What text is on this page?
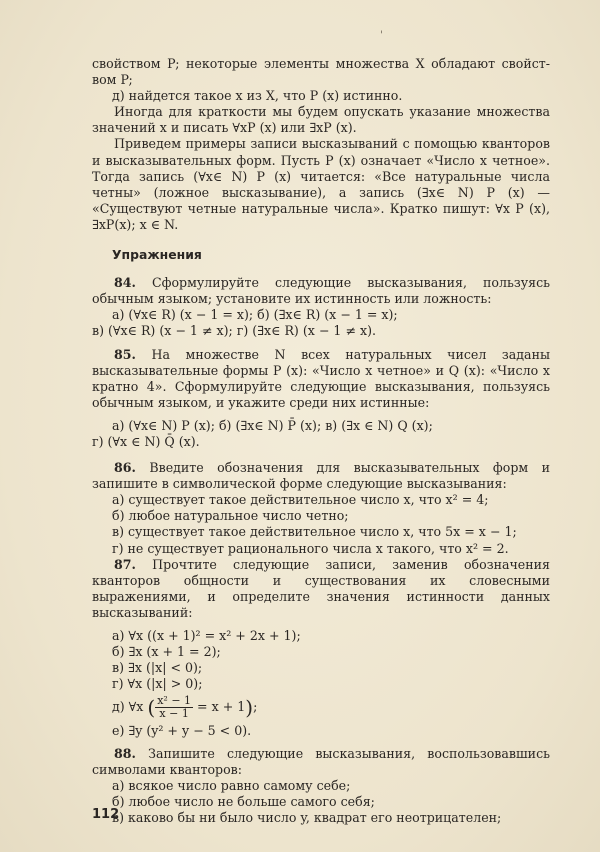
'

свойством P; некоторые элементы множества X обладают свойст-вом P;

д) найдется такое x из X, что P (x) истинно.

Иногда для краткости мы будем опускать указание множества значений x и писать ∀xP (x) или ∃xP (x).

Приведем примеры записи высказываний с помощью кванторов и высказывательных форм. Пусть P (x) означает «Число x четное». Тогда запись (∀x∈ N) P (x) читается: «Все натуральные числа четны» (ложное высказывание), а запись (∃x∈ N) P (x) — «Существуют четные натуральные числа». Кратко пишут: ∀x P (x), ∃xP(x); x ∈ N.

Упражнения

84. Сформулируйте следующие высказывания, пользуясь обычным языком; установите их истинность или ложность:

а) (∀x∈ R) (x − 1 = x); б) (∃x∈ R) (x − 1 = x);

в) (∀x∈ R) (x − 1 ≠ x); г) (∃x∈ R) (x − 1 ≠ x).

85. На множестве N всех натуральных чисел заданы высказывательные формы P (x): «Число x четное» и Q (x): «Число x кратно 4». Сформулируйте следующие высказывания, пользуясь обычным языком, и укажите среди них истинные:

а) (∀x∈ N) P (x); б) (∃x∈ N) P̄ (x); в) (∃x ∈ N) Q (x);

г) (∀x ∈ N) Q̄ (x).

86. Введите обозначения для высказывательных форм и запишите в символической форме следующие высказывания:

а) существует такое действительное число x, что x² = 4;

б) любое натуральное число четно;

в) существует такое действительное число x, что 5x = x − 1;

г) не существует рационального числа x такого, что x² = 2.

87. Прочтите следующие записи, заменив обозначения кванторов общности и существования их словесными выражениями, и определите значения истинности данных высказываний:

а) ∀x ((x + 1)² = x² + 2x + 1);

б) ∃x (x + 1 = 2);

в) ∃x (|x| < 0);

г) ∀x (|x| > 0);

д) ∀x ( $\frac{\text{x² − 1}}{x - 1} = x + 1$);

е) ∃y (y² + y − 5 < 0).

88. Запишите следующие высказывания, воспользовавшись символами кванторов:

а) всякое число равно самому себе;

б) любое число не больше самого себя;

в) каково бы ни было число y, квадрат его неотрицателен;

112
